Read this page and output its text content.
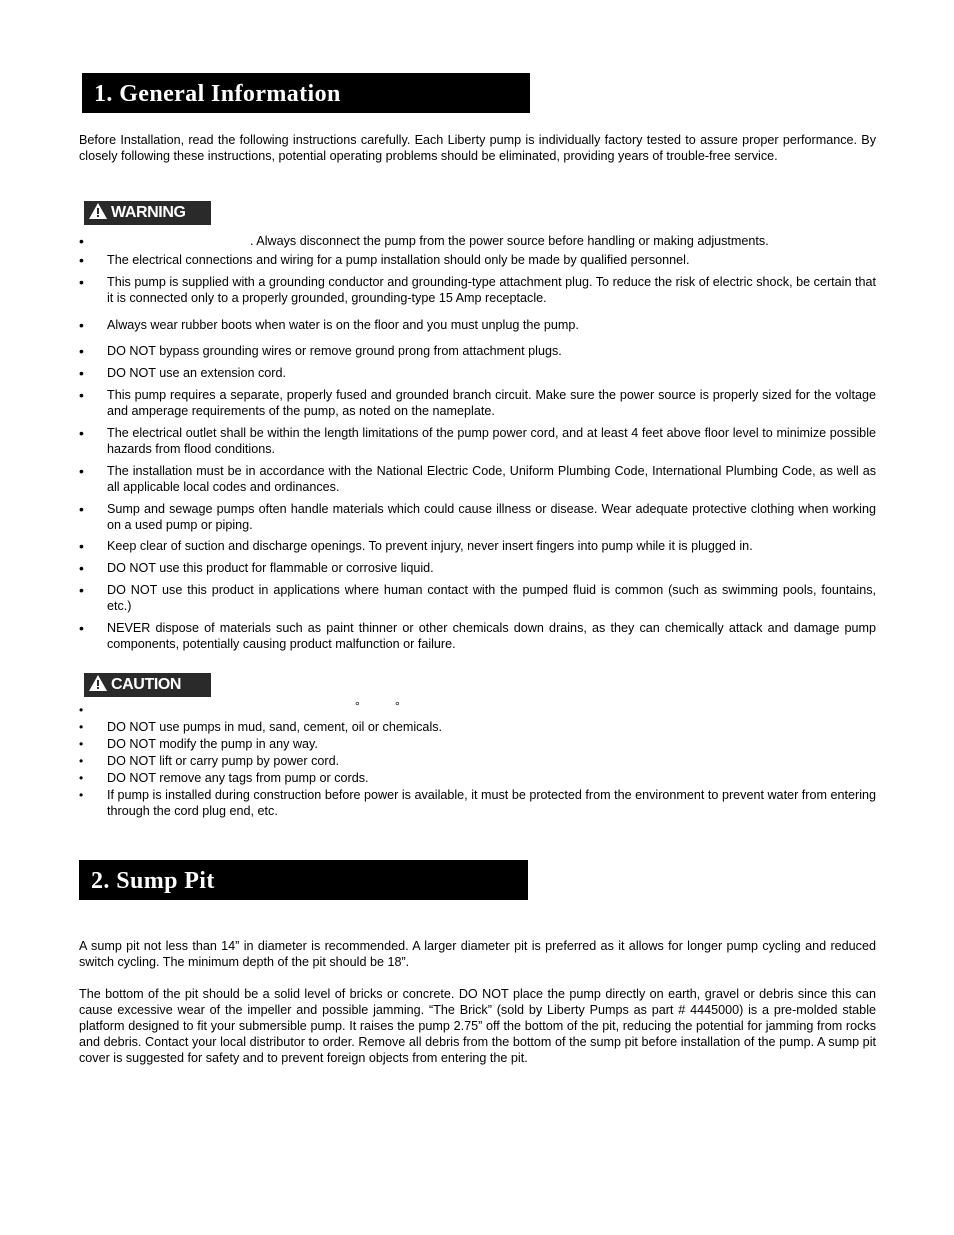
1. General Information

Before Installation, read the following instructions carefully. Each Liberty pump is individually factory tested to assure proper performance. By closely following these instructions, potential operating problems should be eliminated, providing years of trouble-free service.

WARNING
•	. Always disconnect the pump from the power source before handling or making adjustments.
•	The electrical connections and wiring for a pump installation should only be made by qualified personnel.
•	This pump is supplied with a grounding conductor and grounding-type attachment plug. To reduce the risk of electric shock, be certain that it is connected only to a properly grounded, grounding-type 15 Amp receptacle.
•	Always wear rubber boots when water is on the floor and you must unplug the pump.
•	DO NOT bypass grounding wires or remove ground prong from attachment plugs.
•	DO NOT use an extension cord.
•	This pump requires a separate, properly fused and grounded branch circuit. Make sure the power source is properly sized for the voltage and amperage requirements of the pump, as noted on the nameplate.
•	The electrical outlet shall be within the length limitations of the pump power cord, and at least 4 feet above floor level to minimize possible hazards from flood conditions.
•	The installation must be in accordance with the National Electric Code, Uniform Plumbing Code, International Plumbing Code, as well as all applicable local codes and ordinances.
•	Sump and sewage pumps often handle materials which could cause illness or disease. Wear adequate protective clothing when working on a used pump or piping.
•	Keep clear of suction and discharge openings. To prevent injury, never insert fingers into pump while it is plugged in.
•	DO NOT use this product for flammable or corrosive liquid.
•	DO NOT use this product in applications where human contact with the pumped fluid is common (such as swimming pools, fountains, etc.)
•	NEVER dispose of materials such as paint thinner or other chemicals down drains, as they can chemically attack and damage pump components, potentially causing product malfunction or failure.
CAUTION
•	°	°
•	DO NOT use pumps in mud, sand, cement, oil or chemicals.
•	DO NOT modify the pump in any way.
•	DO NOT lift or carry pump by power cord.
•	DO NOT remove any tags from pump or cords.
•	If pump is installed during construction before power is available, it must be protected from the environment to prevent water from entering through the cord plug end, etc.
2. Sump Pit

A sump pit not less than 14” in diameter is recommended. A larger diameter pit is preferred as it allows for longer pump cycling and reduced switch cycling. The minimum depth of the pit should be 18”.

The bottom of the pit should be a solid level of bricks or concrete. DO NOT place the pump directly on earth, gravel or debris since this can cause excessive wear of the impeller and possible jamming. “The Brick” (sold by Liberty Pumps as part # 4445000) is a pre-molded stable platform designed to fit your submersible pump. It raises the pump 2.75” off the bottom of the pit, reducing the potential for jamming from rocks and debris. Contact your local distributor to order. Remove all debris from the bottom of the sump pit before installation of the pump. A sump pit cover is suggested for safety and to prevent foreign objects from entering the pit.
